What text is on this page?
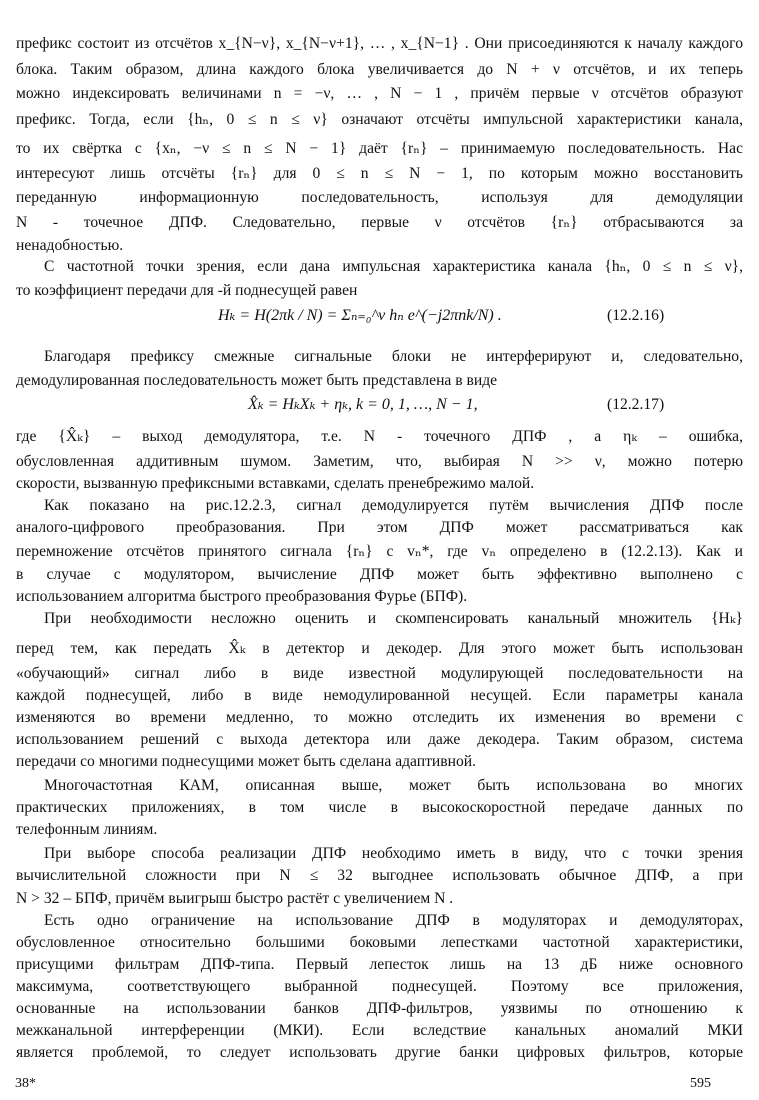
префикс состоит из отсчётов x_{N−ν}, x_{N−ν+1}, … , x_{N−1} . Они присоединяются к началу каждого
блока. Таким образом, длина каждого блока увеличивается до N + ν отсчётов, и их теперь
можно индексировать величинами n = −ν, … , N − 1 , причём первые ν отсчётов образуют
префикс. Тогда, если {hₙ, 0 ≤ n ≤ ν} означают отсчёты импульсной характеристики канала,
то их свёртка с {xₙ, −ν ≤ n ≤ N − 1} даёт {rₙ} – принимаемую последовательность. Нас
интересуют лишь отсчёты {rₙ} для 0 ≤ n ≤ N − 1, по которым можно восстановить
переданную информационную последовательность, используя для демодуляции
N - точечное ДПФ. Следовательно, первые ν отсчётов {rₙ} отбрасываются за
ненадобностью.
С частотной точки зрения, если дана импульсная характеристика канала {hₙ, 0 ≤ n ≤ ν},
то коэффициент передачи для -й поднесущей равен
Благодаря префиксу смежные сигнальные блоки не интерферируют и, следовательно,
демодулированная последовательность может быть представлена в виде
где {X̂ₖ} – выход демодулятора, т.е. N - точечного ДПФ , а ηₖ – ошибка,
обусловленная аддитивным шумом. Заметим, что, выбирая N >> ν, можно потерю
скорости, вызванную префиксными вставками, сделать пренебрежимо малой.
Как показано на рис.12.2.3, сигнал демодулируется путём вычисления ДПФ после
аналого-цифрового преобразования. При этом ДПФ может рассматриваться как
перемножение отсчётов принятого сигнала {rₙ} с vₙ*, где vₙ определено в (12.2.13). Как и
в случае с модулятором, вычисление ДПФ может быть эффективно выполнено с
использованием алгоритма быстрого преобразования Фурье (БПФ).
При необходимости несложно оценить и скомпенсировать канальный множитель {Hₖ}
перед тем, как передать X̂ₖ в детектор и декодер. Для этого может быть использован
«обучающий» сигнал либо в виде известной модулирующей последовательности на
каждой поднесущей, либо в виде немодулированной несущей. Если параметры канала
изменяются во времени медленно, то можно отследить их изменения во времени с
использованием решений с выхода детектора или даже декодера. Таким образом, система
передачи со многими поднесущими может быть сделана адаптивной.
Многочастотная КАМ, описанная выше, может быть использована во многих
практических приложениях, в том числе в высокоскоростной передаче данных по
телефонным линиям.
При выборе способа реализации ДПФ необходимо иметь в виду, что с точки зрения
вычислительной сложности при N ≤ 32 выгоднее использовать обычное ДПФ, а при
N > 32 – БПФ, причём выигрыш быстро растёт с увеличением N .
Есть одно ограничение на использование ДПФ в модуляторах и демодуляторах,
обусловленное относительно большими боковыми лепестками частотной характеристики,
присущими фильтрам ДПФ-типа. Первый лепесток лишь на 13 дБ ниже основного
максимума, соответствующего выбранной поднесущей. Поэтому все приложения,
основанные на использовании банков ДПФ-фильтров, уязвимы по отношению к
межканальной интерференции (МКИ). Если вследствие канальных аномалий МКИ
является проблемой, то следует использовать другие банки цифровых фильтров, которые
Hₖ = H(2πk / N) = Σₙ₌₀^ν hₙ e^(−j2πnk/N) .	(12.2.16)
X̂ₖ = HₖXₖ + ηₖ, k = 0, 1, …, N − 1,	(12.2.17)
38*	595
